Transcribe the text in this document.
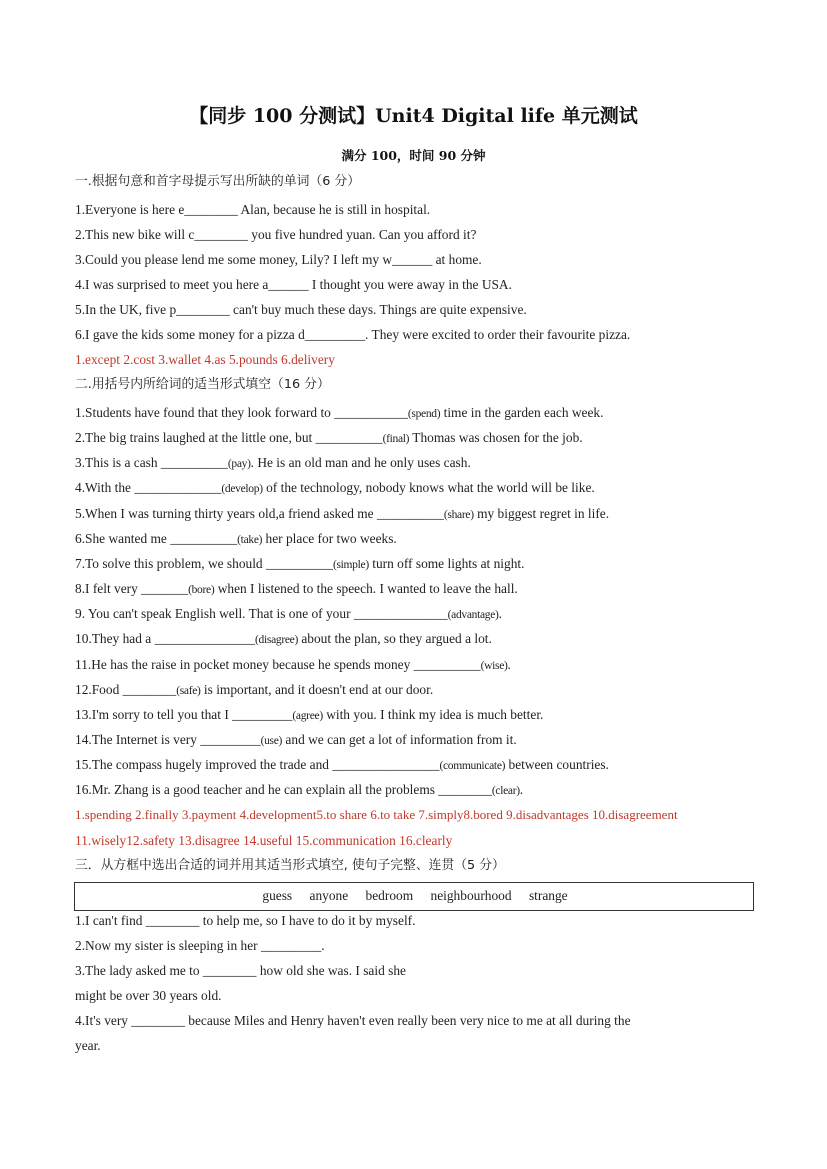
【同步 100 分测试】Unit4 Digital life 单元测试
满分 100，时间 90 分钟
一.根据句意和首字母提示写出所缺的单词（6 分）
1.Everyone is here e________ Alan, because he is still in hospital.
2.This new bike will c________ you five hundred yuan. Can you afford it?
3.Could you please lend me some money, Lily? I left my w______ at home.
4.I was surprised to meet you here a______ I thought you were away in the USA.
5.In the UK, five p________ can't buy much these days. Things are quite expensive.
6.I gave the kids some money for a pizza d_________. They were excited to order their favourite pizza.
1.except 2.cost 3.wallet 4.as 5.pounds 6.delivery
二.用括号内所给词的适当形式填空（16 分）
1.Students have found that they look forward to ___________(spend) time in the garden each week.
2.The big trains laughed at the little one, but __________(final) Thomas was chosen for the job.
3.This is a cash __________(pay). He is an old man and he only uses cash.
4.With the _____________(develop) of the technology, nobody knows what the world will be like.
5.When I was turning thirty years old,a friend asked me __________(share) my biggest regret in life.
6.She wanted me __________(take) her place for two weeks.
7.To solve this problem, we should __________(simple) turn off some lights at night.
8.I felt very _______(bore) when I listened to the speech. I wanted to leave the hall.
9. You can't speak English well. That is one of your ______________(advantage).
10.They had a _______________(disagree) about the plan, so they argued a lot.
11.He has the raise in pocket money because he spends money __________(wise).
12.Food ________(safe) is important, and it doesn't end at our door.
13.I'm sorry to tell you that I _________(agree) with you. I think my idea is much better.
14.The Internet is very _________(use) and we can get a lot of information from it.
15.The compass hugely improved the trade and ________________(communicate) between countries.
16.Mr. Zhang is a good teacher and he can explain all the problems ________(clear).
1.spending 2.finally 3.payment 4.development5.to share 6.to take 7.simply8.bored 9.disadvantages 10.disagreement
11.wisely12.safety 13.disagree 14.useful 15.communication 16.clearly
三．从方框中选出合适的词并用其适当形式填空, 使句子完整、连贯（5 分）
guess anyone bedroom neighbourhood strange
1.I can't find ________ to help me, so I have to do it by myself.
2.Now my sister is sleeping in her _________.
3.The lady asked me to ________ how old she was. I said she
might be over 30 years old.
4.It's very ________ because Miles and Henry haven't even really been very nice to me at all during the
year.
